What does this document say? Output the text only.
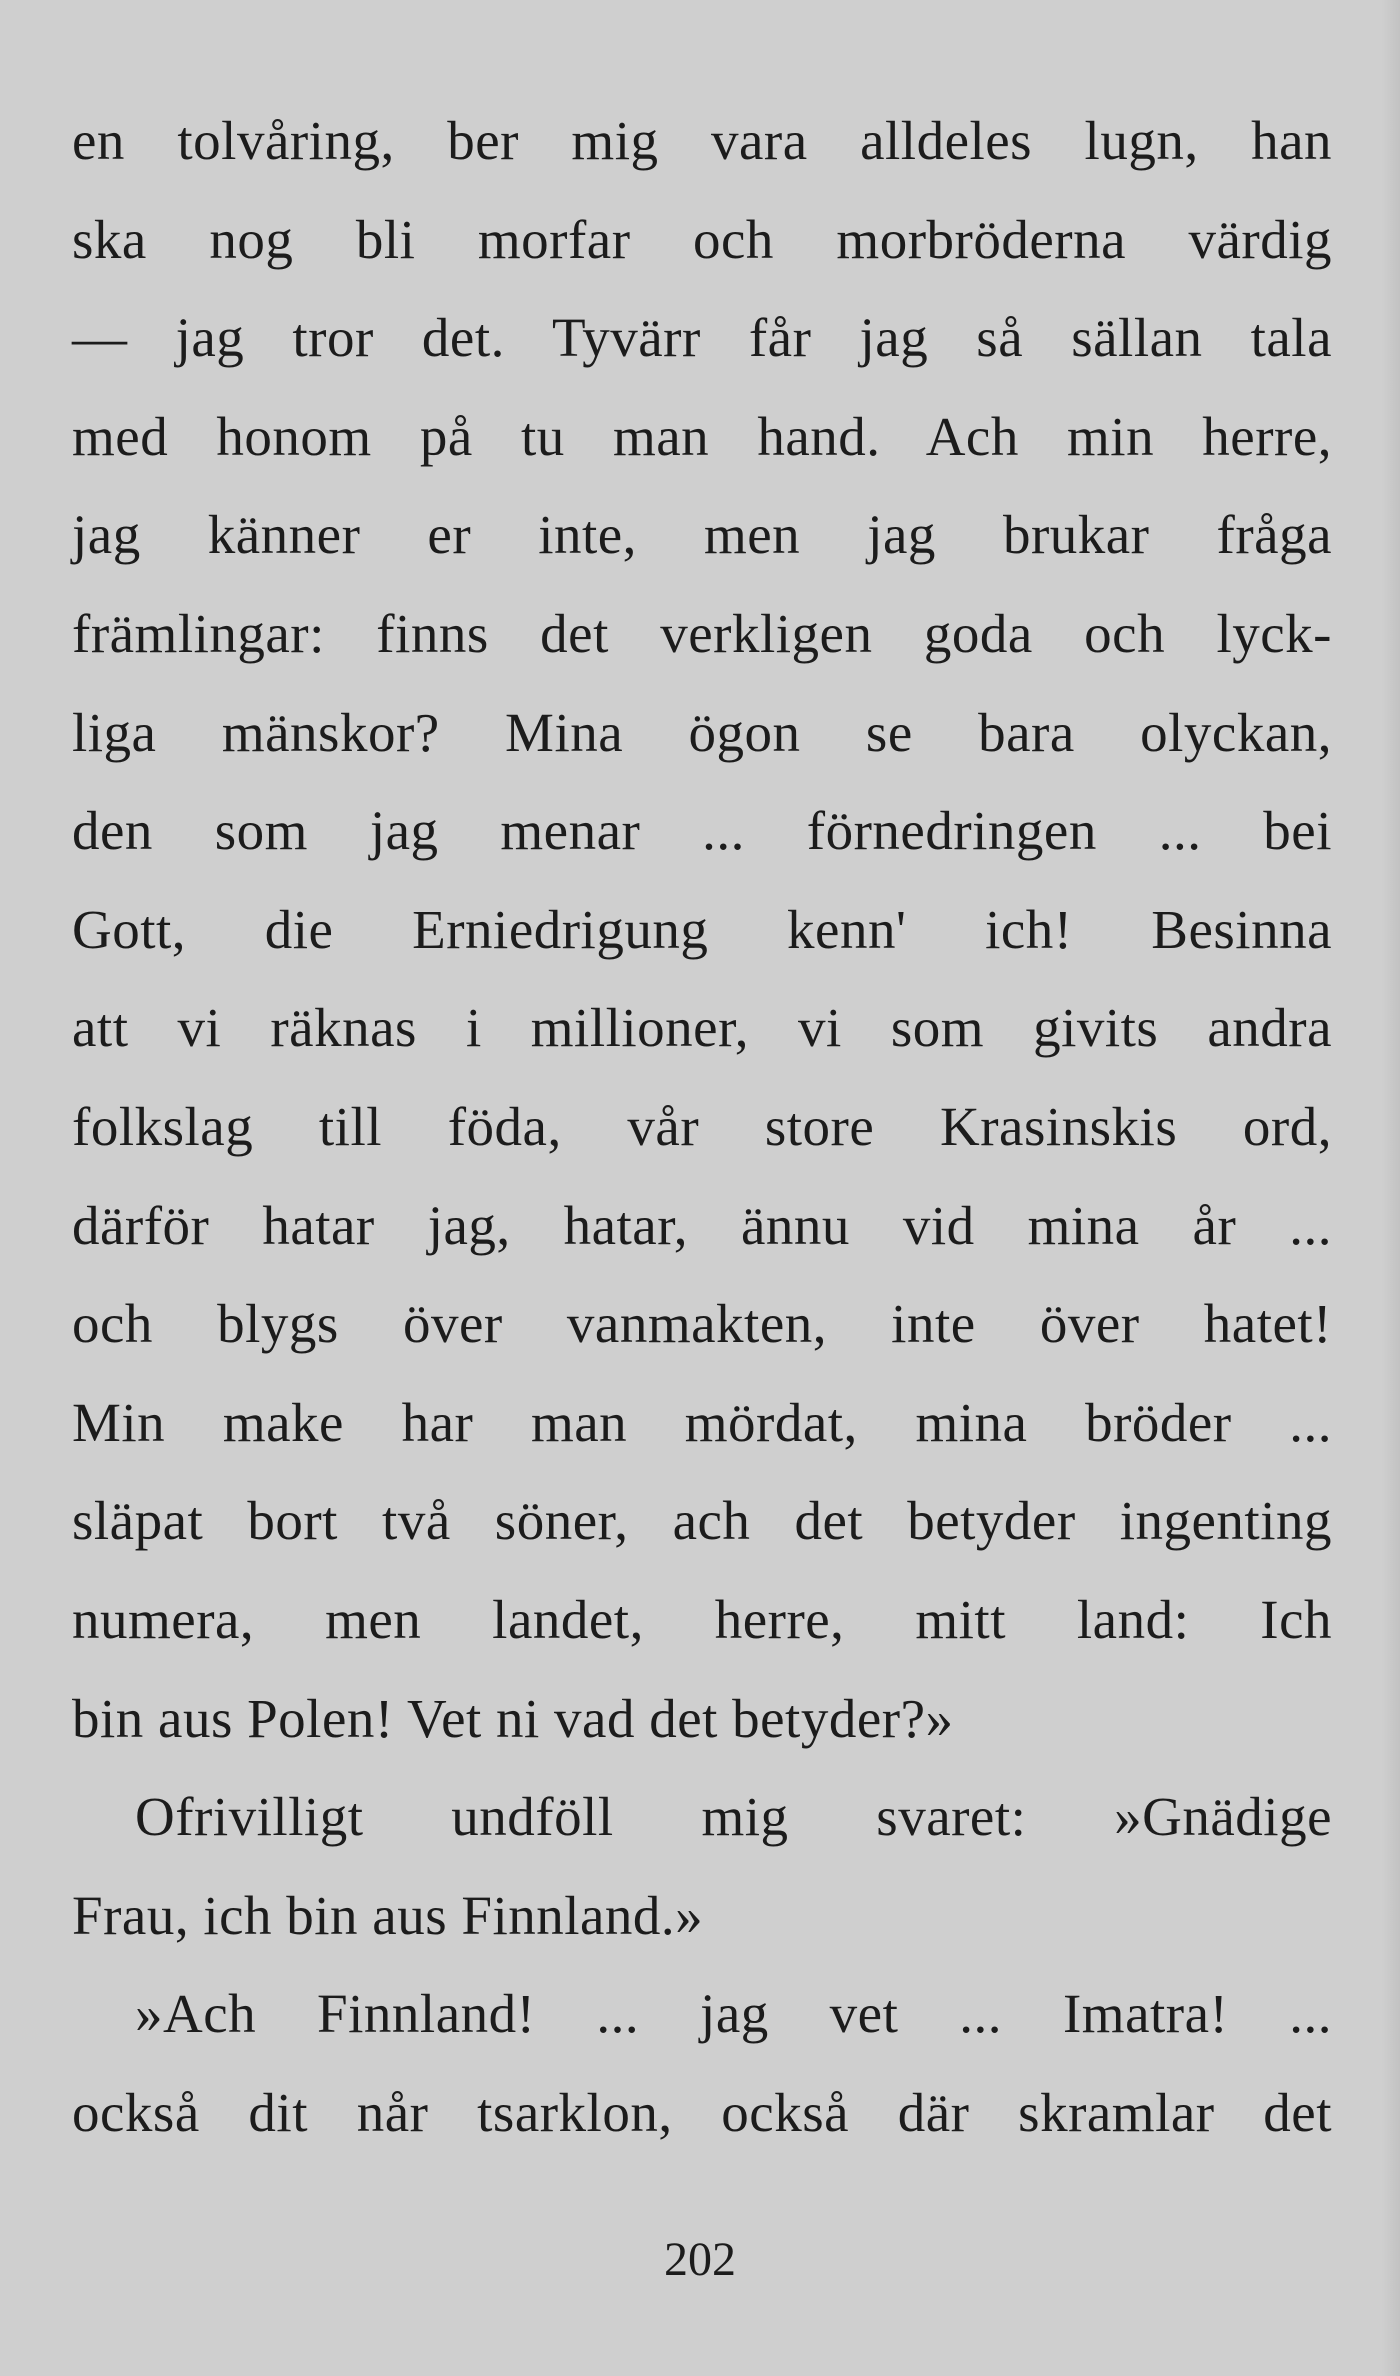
en tolvåring, ber mig vara alldeles lugn, han
ska nog bli morfar och morbröderna värdig
— jag tror det. Tyvärr får jag så sällan tala
med honom på tu man hand. Ach min herre,
jag känner er inte, men jag brukar fråga
främlingar: finns det verkligen goda och lyck-
liga mänskor? Mina ögon se bara olyckan,
den som jag menar ... förnedringen ... bei
Gott, die Erniedrigung kenn' ich! Besinna
att vi räknas i millioner, vi som givits andra
folkslag till föda, vår store Krasinskis ord,
därför hatar jag, hatar, ännu vid mina år ...
och blygs över vanmakten, inte över hatet!
Min make har man mördat, mina bröder ...
släpat bort två söner, ach det betyder ingenting
numera, men landet, herre, mitt land: Ich
bin aus Polen! Vet ni vad det betyder?»
Ofrivilligt undföll mig svaret: »Gnädige
Frau, ich bin aus Finnland.»
»Ach Finnland! ... jag vet ... Imatra! ...
också dit når tsarklon, också där skramlar det
202
